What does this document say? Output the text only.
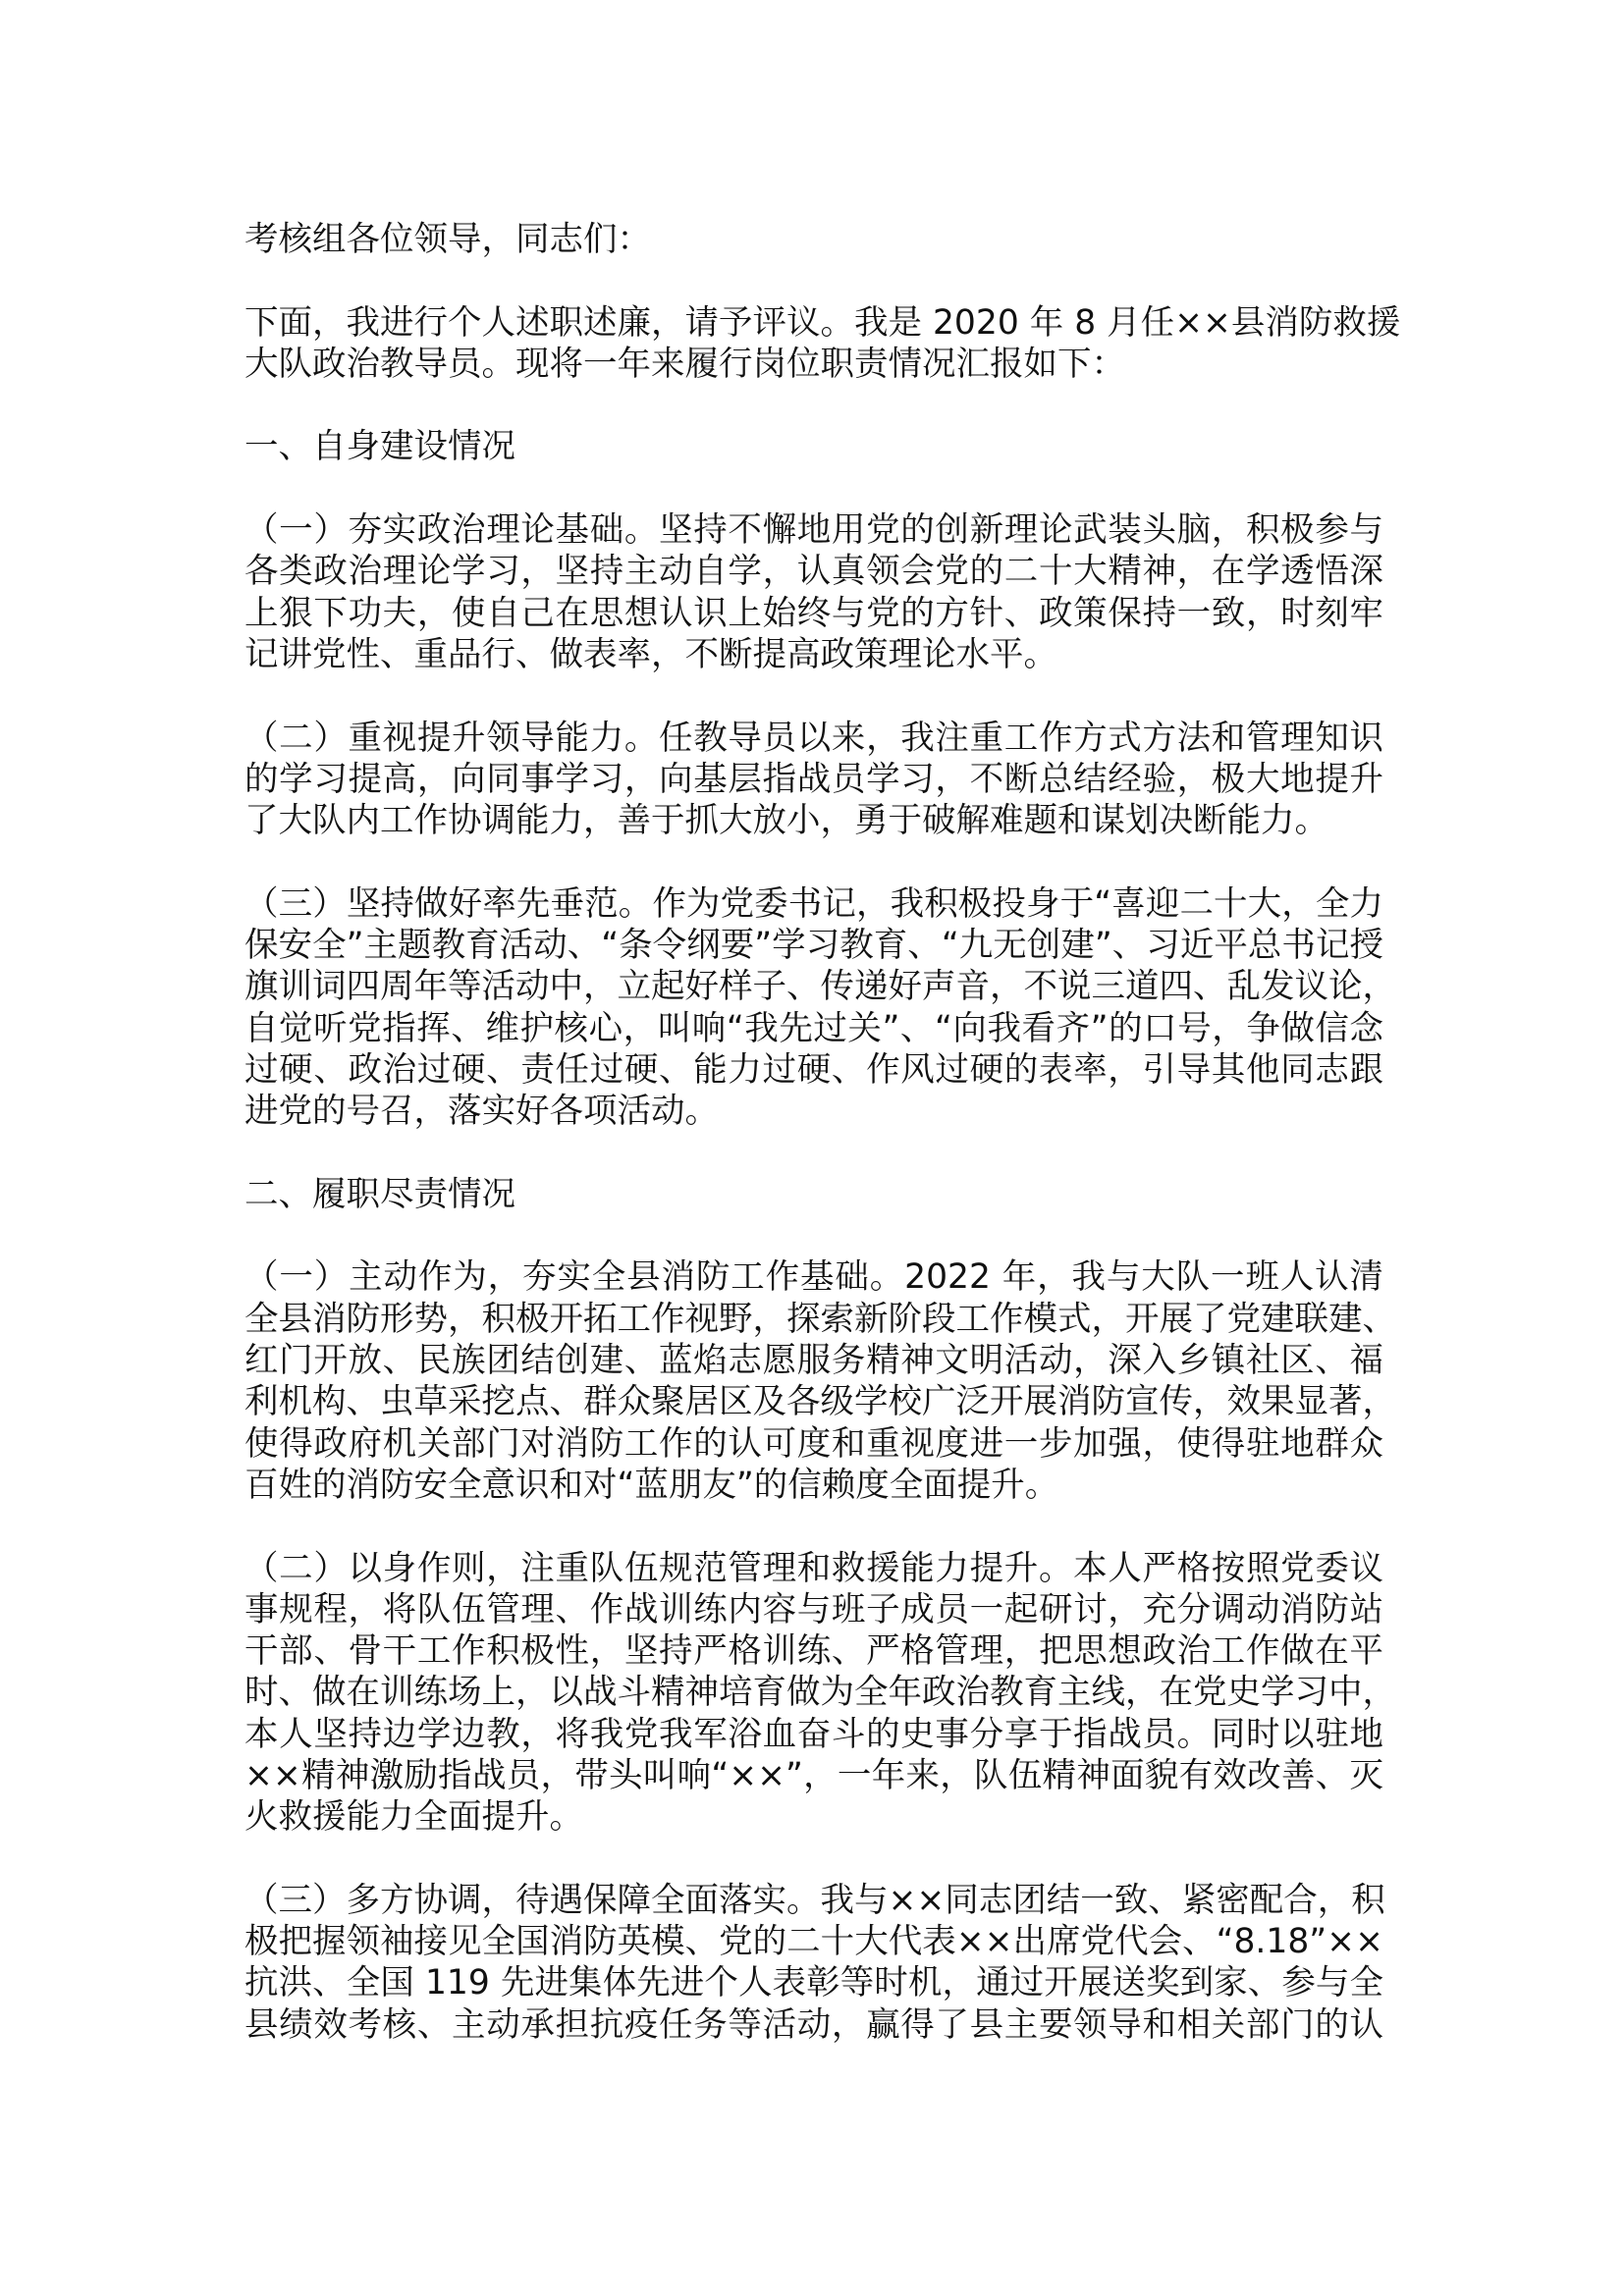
考核组各位领导，同志们：
下面，我进行个人述职述廉，请予评议。我是 2020 年 8 月任××县消防救援
大队政治教导员。现将一年来履行岗位职责情况汇报如下：
一、自身建设情况
（一）夯实政治理论基础。坚持不懈地用党的创新理论武装头脑，积极参与
各类政治理论学习，坚持主动自学，认真领会党的二十大精神，在学透悟深
上狠下功夫，使自己在思想认识上始终与党的方针、政策保持一致，时刻牢
记讲党性、重品行、做表率，不断提高政策理论水平。
（二）重视提升领导能力。任教导员以来，我注重工作方式方法和管理知识
的学习提高，向同事学习，向基层指战员学习，不断总结经验，极大地提升
了大队内工作协调能力，善于抓大放小，勇于破解难题和谋划决断能力。
（三）坚持做好率先垂范。作为党委书记，我积极投身于“喜迎二十大，全力
保安全”主题教育活动、“条令纲要”学习教育、“九无创建”、习近平总书记授
旗训词四周年等活动中，立起好样子、传递好声音，不说三道四、乱发议论，
自觉听党指挥、维护核心，叫响“我先过关”、“向我看齐”的口号，争做信念
过硬、政治过硬、责任过硬、能力过硬、作风过硬的表率，引导其他同志跟
进党的号召，落实好各项活动。
二、履职尽责情况
（一）主动作为，夯实全县消防工作基础。2022 年，我与大队一班人认清
全县消防形势，积极开拓工作视野，探索新阶段工作模式，开展了党建联建、
红门开放、民族团结创建、蓝焰志愿服务精神文明活动，深入乡镇社区、福
利机构、虫草采挖点、群众聚居区及各级学校广泛开展消防宣传，效果显著，
使得政府机关部门对消防工作的认可度和重视度进一步加强，使得驻地群众
百姓的消防安全意识和对“蓝朋友”的信赖度全面提升。
（二）以身作则，注重队伍规范管理和救援能力提升。本人严格按照党委议
事规程，将队伍管理、作战训练内容与班子成员一起研讨，充分调动消防站
干部、骨干工作积极性，坚持严格训练、严格管理，把思想政治工作做在平
时、做在训练场上，以战斗精神培育做为全年政治教育主线，在党史学习中，
本人坚持边学边教，将我党我军浴血奋斗的史事分享于指战员。同时以驻地
××精神激励指战员，带头叫响“××”，一年来，队伍精神面貌有效改善、灭
火救援能力全面提升。
（三）多方协调，待遇保障全面落实。我与××同志团结一致、紧密配合，积
极把握领袖接见全国消防英模、党的二十大代表××出席党代会、“8.18”××
抗洪、全国 119 先进集体先进个人表彰等时机，通过开展送奖到家、参与全
县绩效考核、主动承担抗疫任务等活动，赢得了县主要领导和相关部门的认
